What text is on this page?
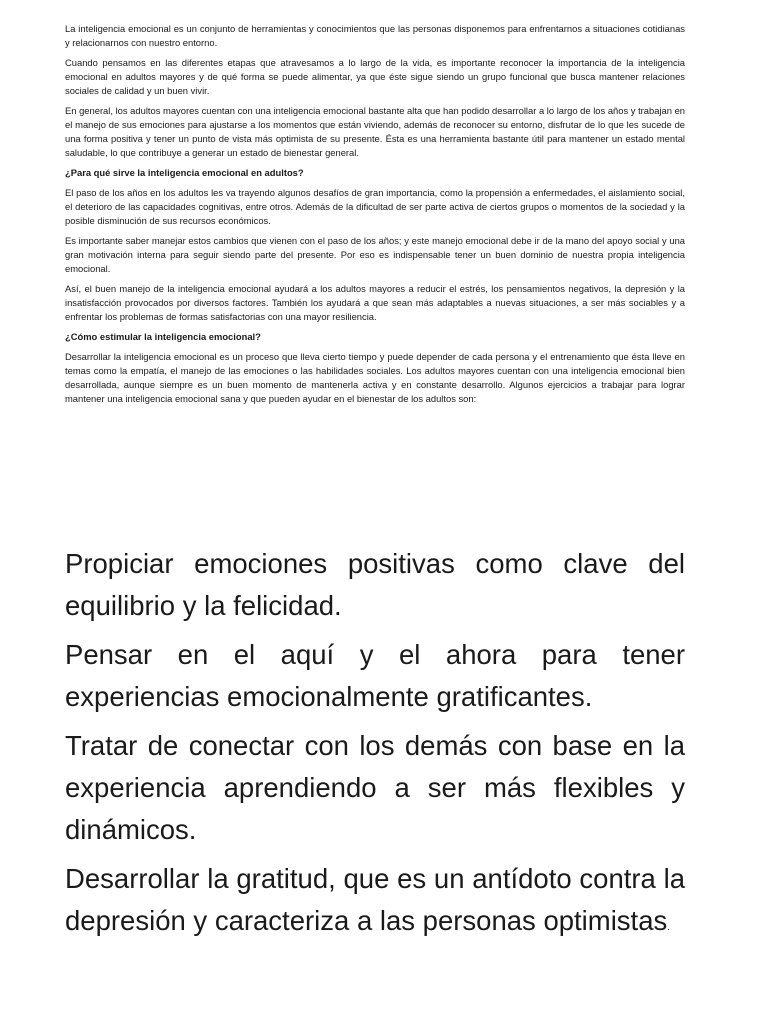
La inteligencia emocional es un conjunto de herramientas y conocimientos que las personas disponemos para enfrentarnos a situaciones cotidianas y relacionarnos con nuestro entorno.

Cuando pensamos en las diferentes etapas que atravesamos a lo largo de la vida, es importante reconocer la importancia de la inteligencia emocional en adultos mayores y de qué forma se puede alimentar, ya que éste sigue siendo un grupo funcional que busca mantener relaciones sociales de calidad y un buen vivir.

En general, los adultos mayores cuentan con una inteligencia emocional bastante alta que han podido desarrollar a lo largo de los años y trabajan en el manejo de sus emociones para ajustarse a los momentos que están viviendo, además de reconocer su entorno, disfrutar de lo que les sucede de una forma positiva y tener un punto de vista más optimista de su presente. Ésta es una herramienta bastante útil para mantener un estado mental saludable, lo que contribuye a generar un estado de bienestar general.

¿Para qué sirve la inteligencia emocional en adultos?

El paso de los años en los adultos les va trayendo algunos desafíos de gran importancia, como la propensión a enfermedades, el aislamiento social, el deterioro de las capacidades cognitivas, entre otros. Además de la dificultad de ser parte activa de ciertos grupos o momentos de la sociedad y la posible disminución de sus recursos económicos.

Es importante saber manejar estos cambios que vienen con el paso de los años; y este manejo emocional debe ir de la mano del apoyo social y una gran motivación interna para seguir siendo parte del presente. Por eso es indispensable tener un buen dominio de nuestra propia inteligencia emocional.

Así, el buen manejo de la inteligencia emocional ayudará a los adultos mayores a reducir el estrés, los pensamientos negativos, la depresión y la insatisfacción provocados por diversos factores. También los ayudará a que sean más adaptables a nuevas situaciones, a ser más sociables y a enfrentar los problemas de formas satisfactorias con una mayor resiliencia.

¿Cómo estimular la inteligencia emocional?

Desarrollar la inteligencia emocional es un proceso que lleva cierto tiempo y puede depender de cada persona y el entrenamiento que ésta lleve en temas como la empatía, el manejo de las emociones o las habilidades sociales. Los adultos mayores cuentan con una inteligencia emocional bien desarrollada, aunque siempre es un buen momento de mantenerla activa y en constante desarrollo. Algunos ejercicios a trabajar para lograr mantener una inteligencia emocional sana y que pueden ayudar en el bienestar de los adultos son:

Propiciar emociones positivas como clave del equilibrio y la felicidad.

Pensar en el aquí y el ahora para tener experiencias emocionalmente gratificantes.

Tratar de conectar con los demás con base en la experiencia aprendiendo a ser más flexibles y dinámicos.

Desarrollar la gratitud, que es un antídoto contra la depresión y caracteriza a las personas optimistas.
